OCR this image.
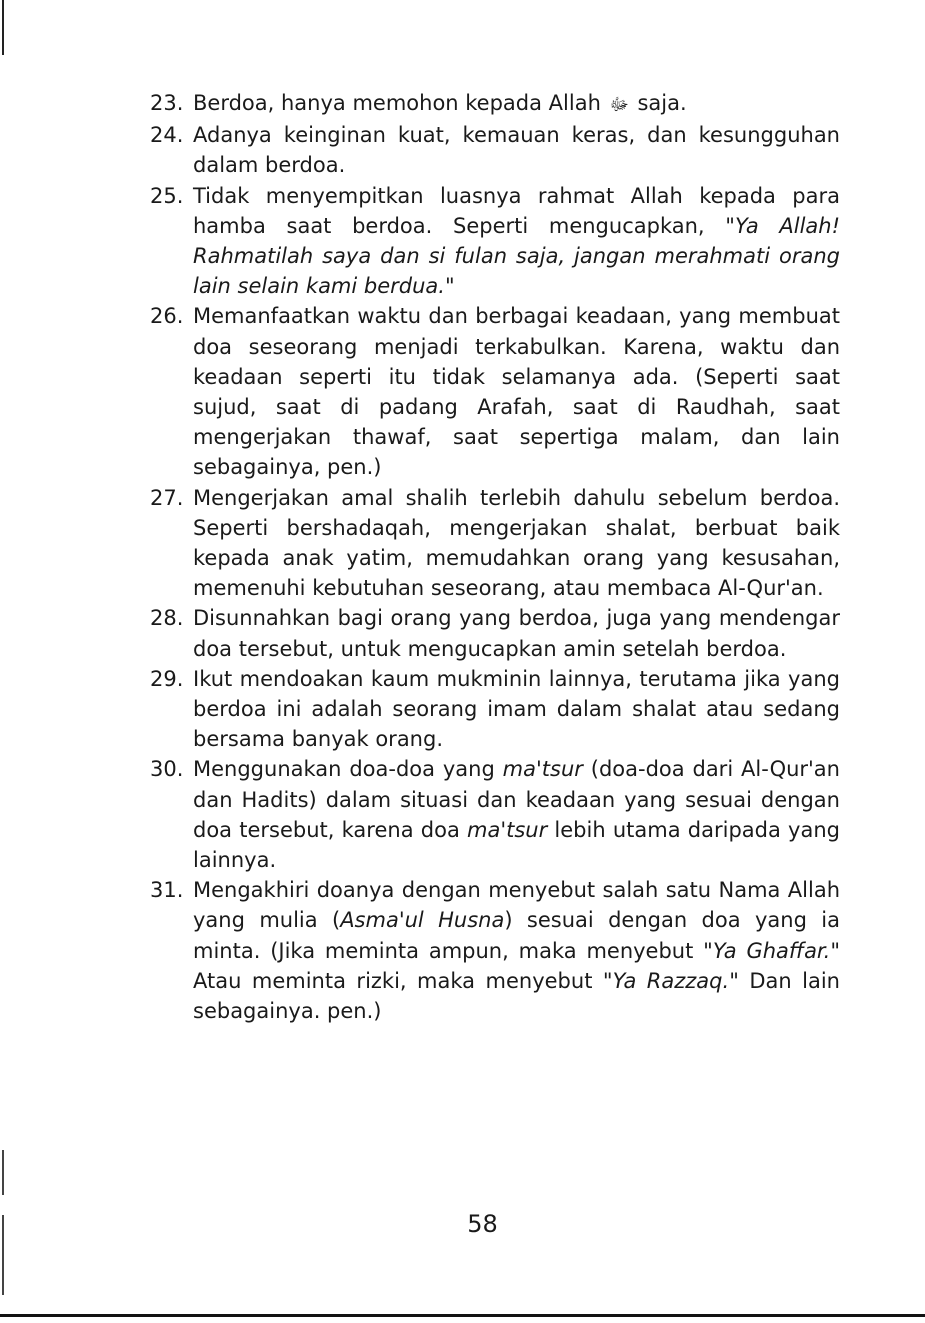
23. Berdoa, hanya memohon kepada Allah ﷻ saja.
24. Adanya keinginan kuat, kemauan keras, dan kesungguhan dalam berdoa.
25. Tidak menyempitkan luasnya rahmat Allah kepada para hamba saat berdoa. Seperti mengucapkan, "Ya Allah! Rahmatilah saya dan si fulan saja, jangan merahmati orang lain selain kami berdua."
26. Memanfaatkan waktu dan berbagai keadaan, yang membuat doa seseorang menjadi terkabulkan. Karena, waktu dan keadaan seperti itu tidak selamanya ada. (Seperti saat sujud, saat di padang Arafah, saat di Raudhah, saat mengerjakan thawaf, saat sepertiga malam, dan lain sebagainya, pen.)
27. Mengerjakan amal shalih terlebih dahulu sebelum berdoa. Seperti bershadaqah, mengerjakan shalat, berbuat baik kepada anak yatim, memudahkan orang yang kesusahan, memenuhi kebutuhan seseorang, atau membaca Al-Qur'an.
28. Disunnahkan bagi orang yang berdoa, juga yang mendengar doa tersebut, untuk mengucapkan amin setelah berdoa.
29. Ikut mendoakan kaum mukminin lainnya, terutama jika yang berdoa ini adalah seorang imam dalam shalat atau sedang bersama banyak orang.
30. Menggunakan doa-doa yang ma'tsur (doa-doa dari Al-Qur'an dan Hadits) dalam situasi dan keadaan yang sesuai dengan doa tersebut, karena doa ma'tsur lebih utama daripada yang lainnya.
31. Mengakhiri doanya dengan menyebut salah satu Nama Allah yang mulia (Asma'ul Husna) sesuai dengan doa yang ia minta. (Jika meminta ampun, maka menyebut "Ya Ghaffar." Atau meminta rizki, maka menyebut "Ya Razzaq." Dan lain sebagainya. pen.)
58
